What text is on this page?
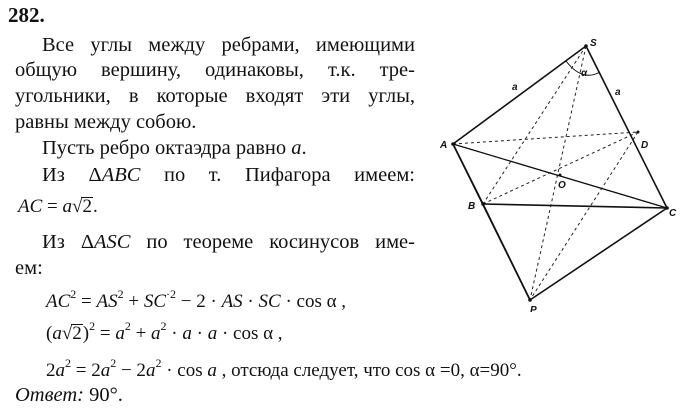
282.
Все углы между ребрами, имеющими
общую вершину, одинаковы, т.к. тре-
угольники, в которые входят эти углы,
равны между собою.
Пусть ребро октаэдра равно a.
Из ΔABC по т. Пифагора имеем:
AC = a√2.
Из ΔASC по теореме косинусов име-
ем:
$AC^2 = AS^2 + SC^{\cdot 2} - 2$ · AS · SC · cos α ,
$(a√2)^2 = a^2 + a^2 \cdot a \cdot a \cdot \cos \alpha$ ,
$2a^2 = 2a^2 - 2a^2 \cdot \cos a$ , отсюда следует, что cos α =0, α=90°.
Ответ: 90°.
S
A
B
C
D
O
P
a	a
α
